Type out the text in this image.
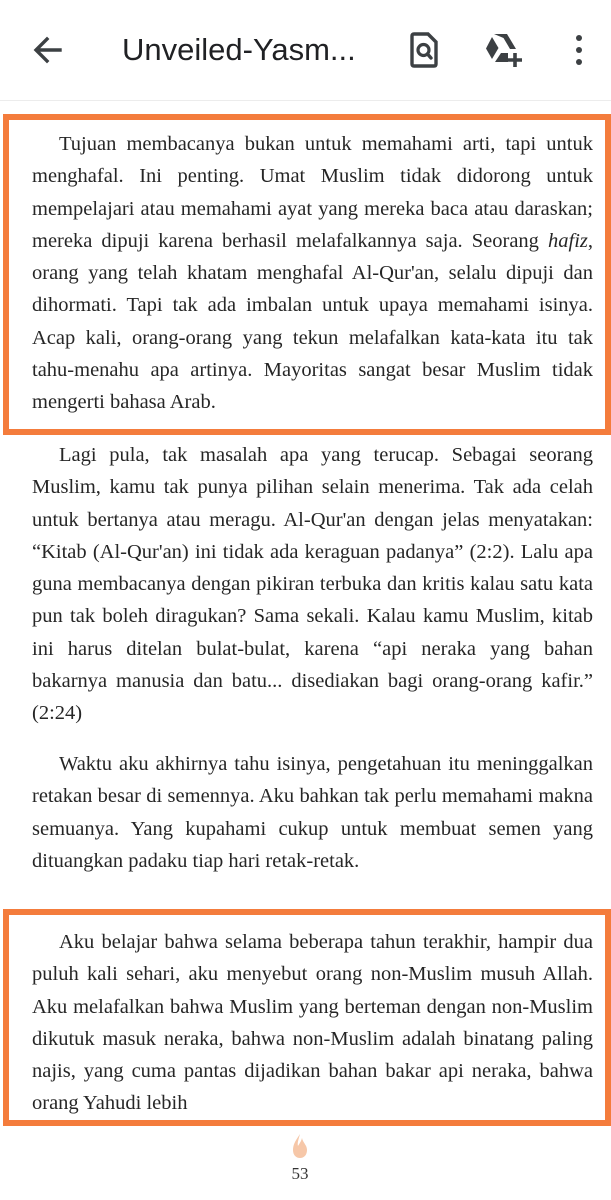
Unveiled-Yasm...

Tujuan membacanya bukan untuk memahami arti, tapi untuk menghafal. Ini penting. Umat Muslim tidak didorong untuk mempelajari atau memahami ayat yang mereka baca atau daraskan; mereka dipuji karena berhasil melafalkannya saja. Seorang hafiz, orang yang telah khatam menghafal Al-Qur'an, selalu dipuji dan dihormati. Tapi tak ada imbalan untuk upaya memahami isinya. Acap kali, orang-orang yang tekun melafalkan kata-kata itu tak tahu-menahu apa artinya. Mayoritas sangat besar Muslim tidak mengerti bahasa Arab.

Lagi pula, tak masalah apa yang terucap. Sebagai seorang Muslim, kamu tak punya pilihan selain menerima. Tak ada celah untuk bertanya atau meragu. Al-Qur'an dengan jelas menyatakan: “Kitab (Al-Qur'an) ini tidak ada keraguan padanya” (2:2). Lalu apa guna membacanya dengan pikiran terbuka dan kritis kalau satu kata pun tak boleh diragukan? Sama sekali. Kalau kamu Muslim, kitab ini harus ditelan bulat-bulat, karena “api neraka yang bahan bakarnya manusia dan batu... disediakan bagi orang-orang kafir.” (2:24)

Waktu aku akhirnya tahu isinya, pengetahuan itu meninggalkan retakan besar di semennya. Aku bahkan tak perlu memahami makna semuanya. Yang kupahami cukup untuk membuat semen yang dituangkan padaku tiap hari retak-retak.

Aku belajar bahwa selama beberapa tahun terakhir, hampir dua puluh kali sehari, aku menyebut orang non-Muslim musuh Allah. Aku melafalkan bahwa Muslim yang berteman dengan non-Muslim dikutuk masuk neraka, bahwa non-Muslim adalah binatang paling najis, yang cuma pantas dijadikan bahan bakar api neraka, bahwa orang Yahudi lebih

53
